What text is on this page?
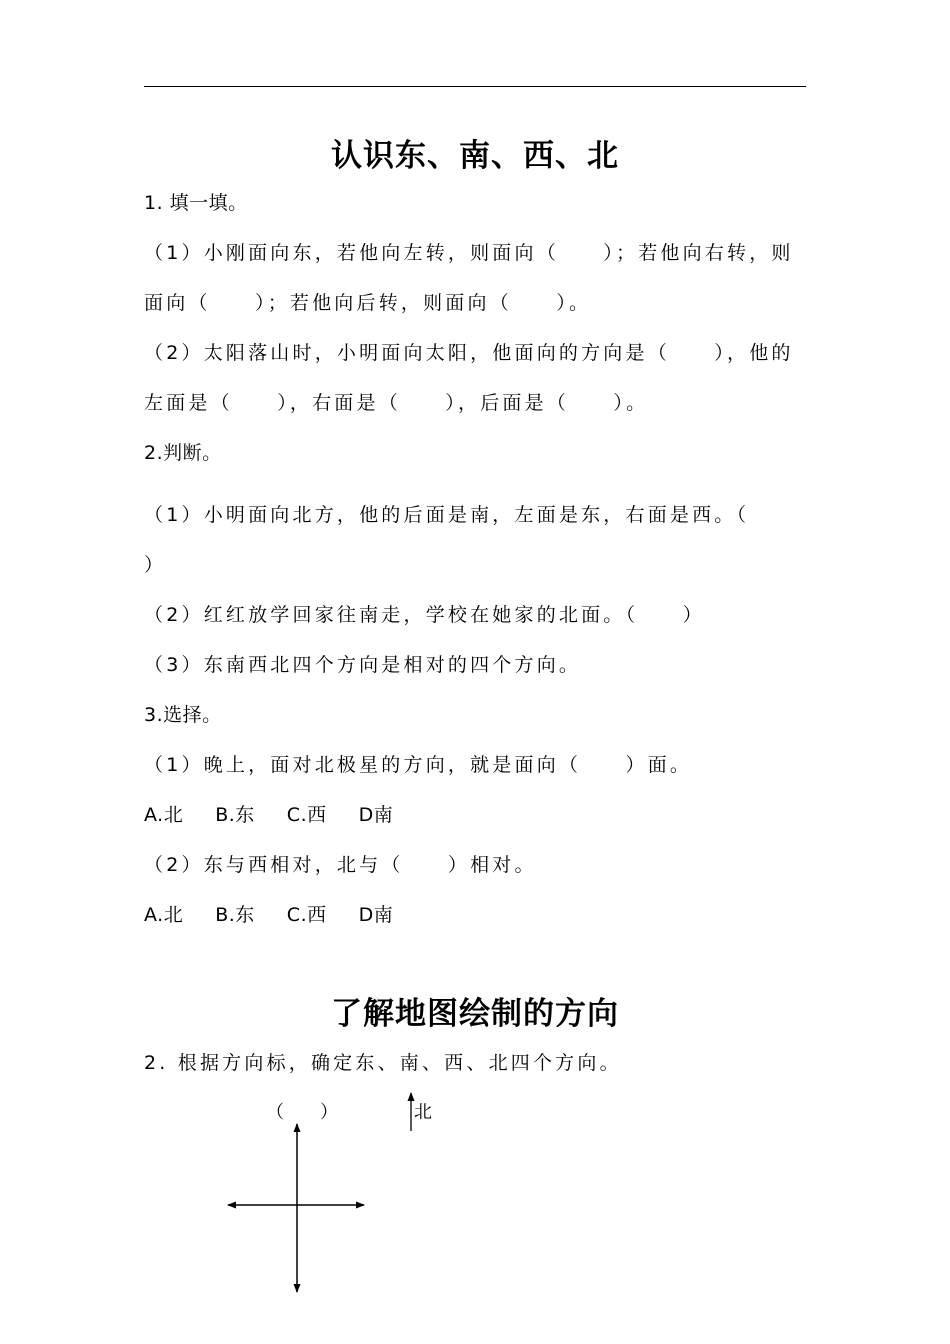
认识东、南、西、北
1. 填一填。
（1）小刚面向东，若他向左转，则面向（　　）；若他向右转，则
面向（　　）；若他向后转，则面向（　　）。
（2）太阳落山时，小明面向太阳，他面向的方向是（　　），他的
左面是（　　），右面是（　　），后面是（　　）。
2.判断。
（1）小明面向北方，他的后面是南，左面是东，右面是西。（
）
（2）红红放学回家往南走，学校在她家的北面。（　　）
（3）东南西北四个方向是相对的四个方向。
3.选择。
（1）晚上，面对北极星的方向，就是面向（　　）面。
A.北 B.东 C.西 D南
（2）东与西相对，北与（　　）相对。
A.北 B.东 C.西 D南
了解地图绘制的方向
2. 根据方向标，确定东、南、西、北四个方向。
（　　）	北
